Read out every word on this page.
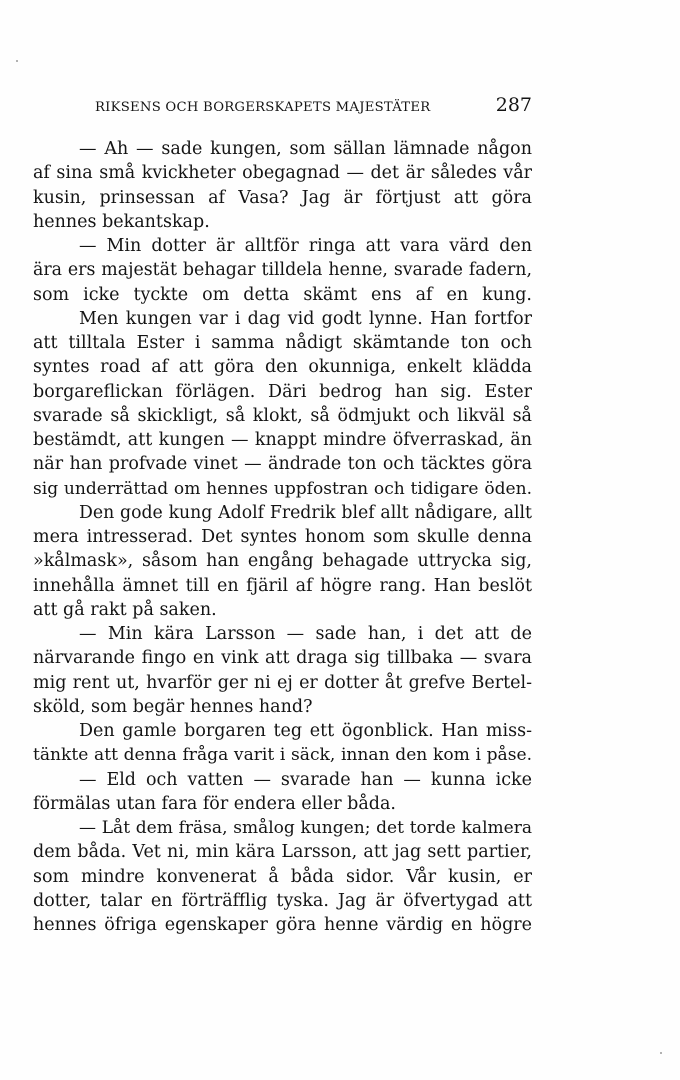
RIKSENS OCH BORGERSKAPETS MAJESTÄTER	287
— Ah — sade kungen, som sällan lämnade någon
af sina små kvickheter obegagnad — det är således vår
kusin, prinsessan af Vasa? Jag är förtjust att göra
hennes bekantskap.
— Min dotter är alltför ringa att vara värd den
ära ers majestät behagar tilldela henne, svarade fadern,
som icke tyckte om detta skämt ens af en kung.
Men kungen var i dag vid godt lynne. Han fortfor
att tilltala Ester i samma nådigt skämtande ton och
syntes road af att göra den okunniga, enkelt klädda
borgareflickan förlägen. Däri bedrog han sig. Ester
svarade så skickligt, så klokt, så ödmjukt och likväl så
bestämdt, att kungen — knappt mindre öfverraskad, än
när han profvade vinet — ändrade ton och täcktes göra
sig underrättad om hennes uppfostran och tidigare öden.
Den gode kung Adolf Fredrik blef allt nådigare, allt
mera intresserad. Det syntes honom som skulle denna
»kålmask», såsom han engång behagade uttrycka sig,
innehålla ämnet till en fjäril af högre rang. Han beslöt
att gå rakt på saken.
— Min kära Larsson — sade han, i det att de
närvarande fingo en vink att draga sig tillbaka — svara
mig rent ut, hvarför ger ni ej er dotter åt grefve Bertel-
sköld, som begär hennes hand?
Den gamle borgaren teg ett ögonblick. Han miss-
tänkte att denna fråga varit i säck, innan den kom i påse.
— Eld och vatten — svarade han — kunna icke
förmälas utan fara för endera eller båda.
— Låt dem fräsa, smålog kungen; det torde kalmera
dem båda. Vet ni, min kära Larsson, att jag sett partier,
som mindre konvenerat å båda sidor. Vår kusin, er
dotter, talar en förträfflig tyska. Jag är öfvertygad att
hennes öfriga egenskaper göra henne värdig en högre
